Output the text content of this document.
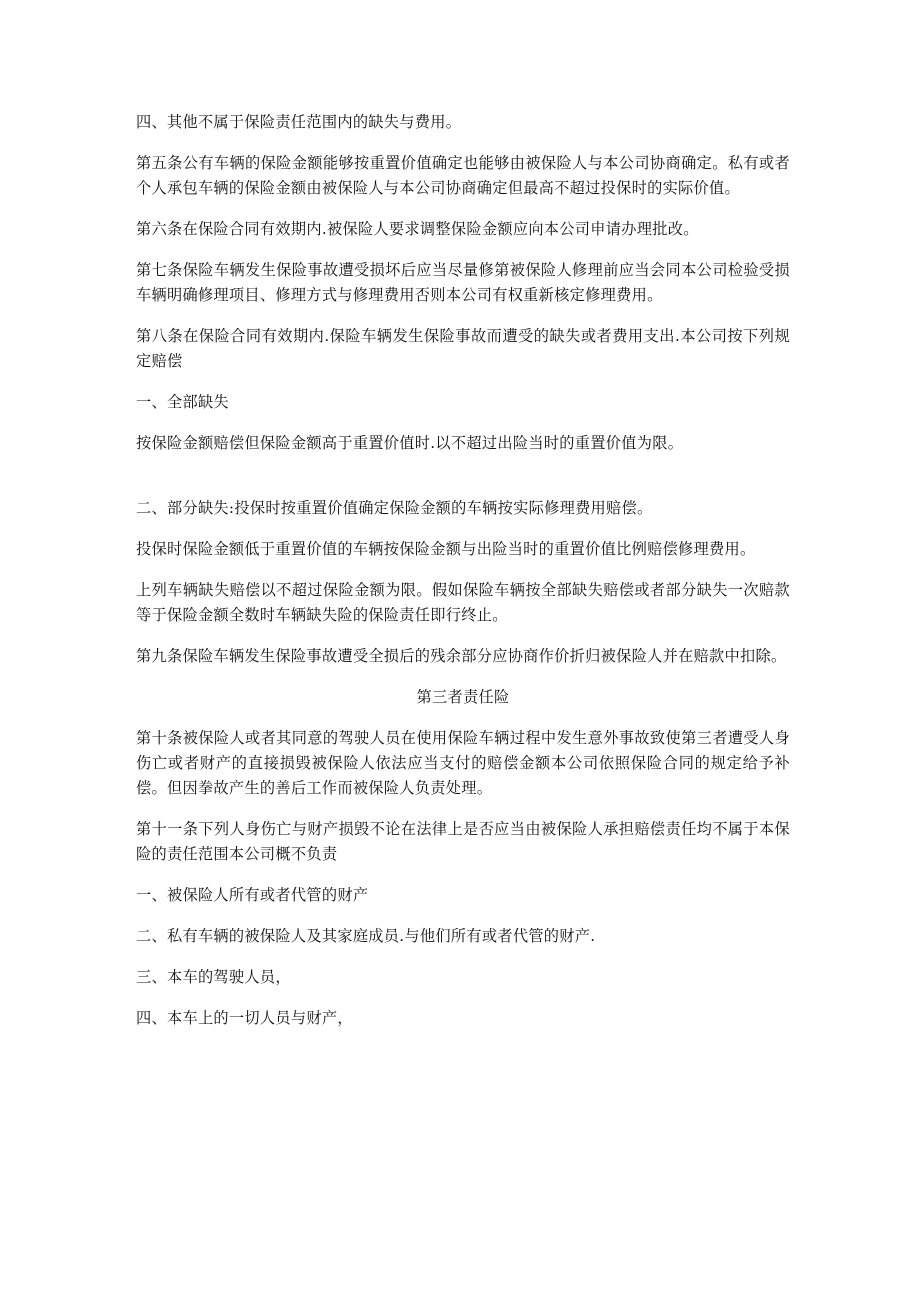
四、其他不属于保险责任范围内的缺失与费用。

第五条公有车辆的保险金额能够按重置价值确定也能够由被保险人与本公司协商确定。私有或者个人承包车辆的保险金额由被保险人与本公司协商确定但最高不超过投保时的实际价值。

第六条在保险合同有效期内.被保险人要求调整保险金额应向本公司申请办理批改。

第七条保险车辆发生保险事故遭受损坏后应当尽量修第被保险人修理前应当会同本公司检验受损车辆明确修理项目、修理方式与修理费用否则本公司有权重新核定修理费用。

第八条在保险合同有效期内.保险车辆发生保险事故而遭受的缺失或者费用支出.本公司按下列规定赔偿

一、全部缺失

按保险金额赔偿但保险金额高于重置价值时.以不超过出险当时的重置价值为限。

二、部分缺失:投保时按重置价值确定保险金额的车辆按实际修理费用赔偿。

投保时保险金额低于重置价值的车辆按保险金额与出险当时的重置价值比例赔偿修理费用。

上列车辆缺失赔偿以不超过保险金额为限。假如保险车辆按全部缺失赔偿或者部分缺失一次赔款等于保险金额全数时车辆缺失险的保险责任即行终止。

第九条保险车辆发生保险事故遭受全损后的残余部分应协商作价折归被保险人并在赔款中扣除。

第三者责任险

第十条被保险人或者其同意的驾驶人员在使用保险车辆过程中发生意外事故致使第三者遭受人身伤亡或者财产的直接损毁被保险人依法应当支付的赔偿金额本公司依照保险合同的规定给予补偿。但因拳故产生的善后工作而被保险人负责处理。

第十一条下列人身伤亡与财产损毁不论在法律上是否应当由被保险人承担赔偿责任均不属于本保险的责任范围本公司概不负责

一、被保险人所有或者代管的财产

二、私有车辆的被保险人及其家庭成员.与他们所有或者代管的财产.

三、本车的驾驶人员，

四、本车上的一切人员与财产，
